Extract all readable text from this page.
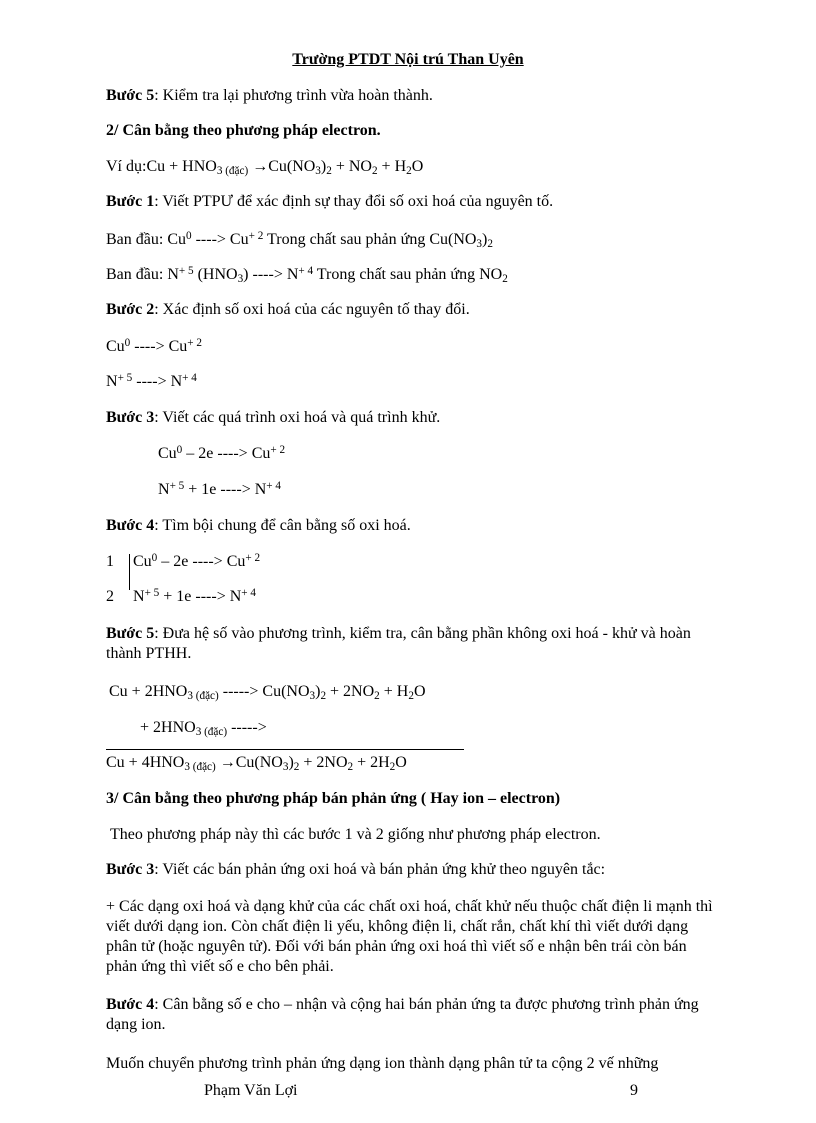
Trường PTDT Nội trú Than Uyên
Bước 5: Kiểm tra lại phương trình vừa hoàn thành.
2/ Cân bằng theo phương pháp electron.
Ví dụ:Cu + $HNO_3$ $_{(đặc)} \to Cu(NO_3)_2 + NO_2 + H_2O$
Bước 1: Viết PTPƯ để xác định sự thay đổi số oxi hoá của nguyên tố.
Ban đầu: Cu$^0$ ----> $Cu^{+ 2}$ Trong chất sau phản ứng $Cu(NO_3)_2$
Ban đầu: $N^{+ 5}$ $(HNO_3)$ ----> $N^{+ 4}$ Trong chất sau phản ứng $NO_2$
Bước 2: Xác định số oxi hoá của các nguyên tố thay đổi.
Cu$^0$ ----> $Cu^{+ 2}$
$N^{+ 5}$ ----> $N^{+ 4}$
Bước 3: Viết các quá trình oxi hoá và quá trình khử.
Cu$^0$ – 2e ----> $Cu^{+ 2}$
$N^{+ 5} + 1e$ ----> $N^{+ 4}$
Bước 4: Tìm bội chung để cân bằng số oxi hoá.
1 Cu$^0$ – 2e ----> $Cu^{+ 2}$
2 $N^{+ 5} + 1e$ ----> $N^{+ 4}$
Bước 5: Đưa hệ số vào phương trình, kiểm tra, cân bằng phần không oxi hoá - khử và hoàn thành PTHH.
$Cu + 2HNO_3$ $_{(đặc)}$ -----> $Cu(NO_3)_2 + 2NO_2 + H_2O$
+ $2HNO_3$ $_{(đặc)}$ ----->
$Cu + 4HNO_3$ $_{(đặc)} \to Cu(NO_3)_2 + 2NO_2 + 2H_2O$
3/ Cân bằng theo phương pháp bán phản ứng ( Hay ion – electron)
Theo phương pháp này thì các bước 1 và 2 giống như phương pháp electron.
Bước 3: Viết các bán phản ứng oxi hoá và bán phản ứng khử theo nguyên tắc:
+ Các dạng oxi hoá và dạng khử của các chất oxi hoá, chất khử nếu thuộc chất điện li mạnh thì viết dưới dạng ion. Còn chất điện li yếu, không điện li, chất rắn, chất khí thì viết dưới dạng phân tử (hoặc nguyên tử). Đối với bán phản ứng oxi hoá thì viết số e nhận bên trái còn bán phản ứng thì viết số e cho bên phải.
Bước 4: Cân bằng số e cho – nhận và cộng hai bán phản ứng ta được phương trình phản ứng dạng ion.
Muốn chuyển phương trình phản ứng dạng ion thành dạng phân tử ta cộng 2 vế những
Phạm Văn Lợi	9
